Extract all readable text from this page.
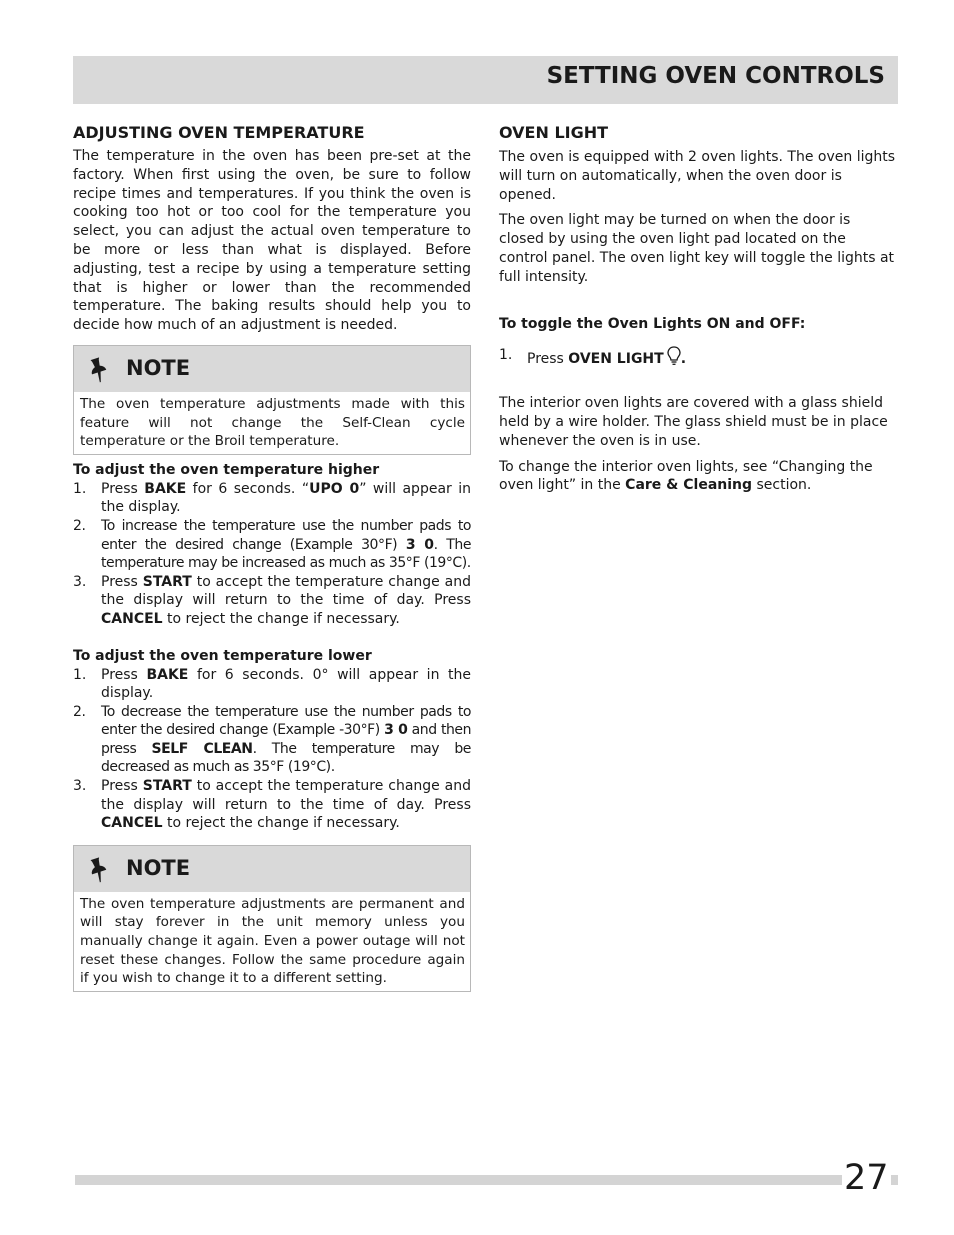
SETTING OVEN CONTROLS
ADJUSTING OVEN TEMPERATURE

The temperature in the oven has been pre-set at the factory. When first using the oven, be sure to follow recipe times and temperatures. If you think the oven is cooking too hot or too cool for the temperature you select, you can adjust the actual oven temperature to be more or less than what is displayed. Before adjusting, test a recipe by using a temperature setting that is higher or lower than the recommended temperature. The baking results should help you to decide how much of an adjustment is needed.

NOTE
The oven temperature adjustments made with this feature will not change the Self-Clean cycle temperature or the Broil temperature.
To adjust the oven temperature higher
1. Press BAKE for 6 seconds. “UPO 0” will appear in the display.
2. To increase the temperature use the number pads to enter the desired change (Example 30°F) 3 0. The temperature may be increased as much as 35°F (19°C).
3. Press START to accept the temperature change and the display will return to the time of day. Press CANCEL to reject the change if necessary.
To adjust the oven temperature lower
1. Press BAKE for 6 seconds. 0° will appear in the display.
2. To decrease the temperature use the number pads to enter the desired change (Example -30°F) 3 0 and then press SELF CLEAN. The temperature may be decreased as much as 35°F (19°C).
3. Press START to accept the temperature change and the display will return to the time of day. Press CANCEL to reject the change if necessary.
NOTE
The oven temperature adjustments are permanent and will stay forever in the unit memory unless you manually change it again. Even a power outage will not reset these changes. Follow the same procedure again if you wish to change it to a different setting.
OVEN LIGHT

The oven is equipped with 2 oven lights. The oven lights will turn on automatically, when the oven door is opened.

The oven light may be turned on when the door is closed by using the oven light pad located on the control panel. The oven light key will toggle the lights at full intensity.

To toggle the Oven Lights ON and OFF:
1. Press OVEN LIGHT .

The interior oven lights are covered with a glass shield held by a wire holder. The glass shield must be in place whenever the oven is in use.

To change the interior oven lights, see “Changing the oven light” in the Care & Cleaning section.

27
